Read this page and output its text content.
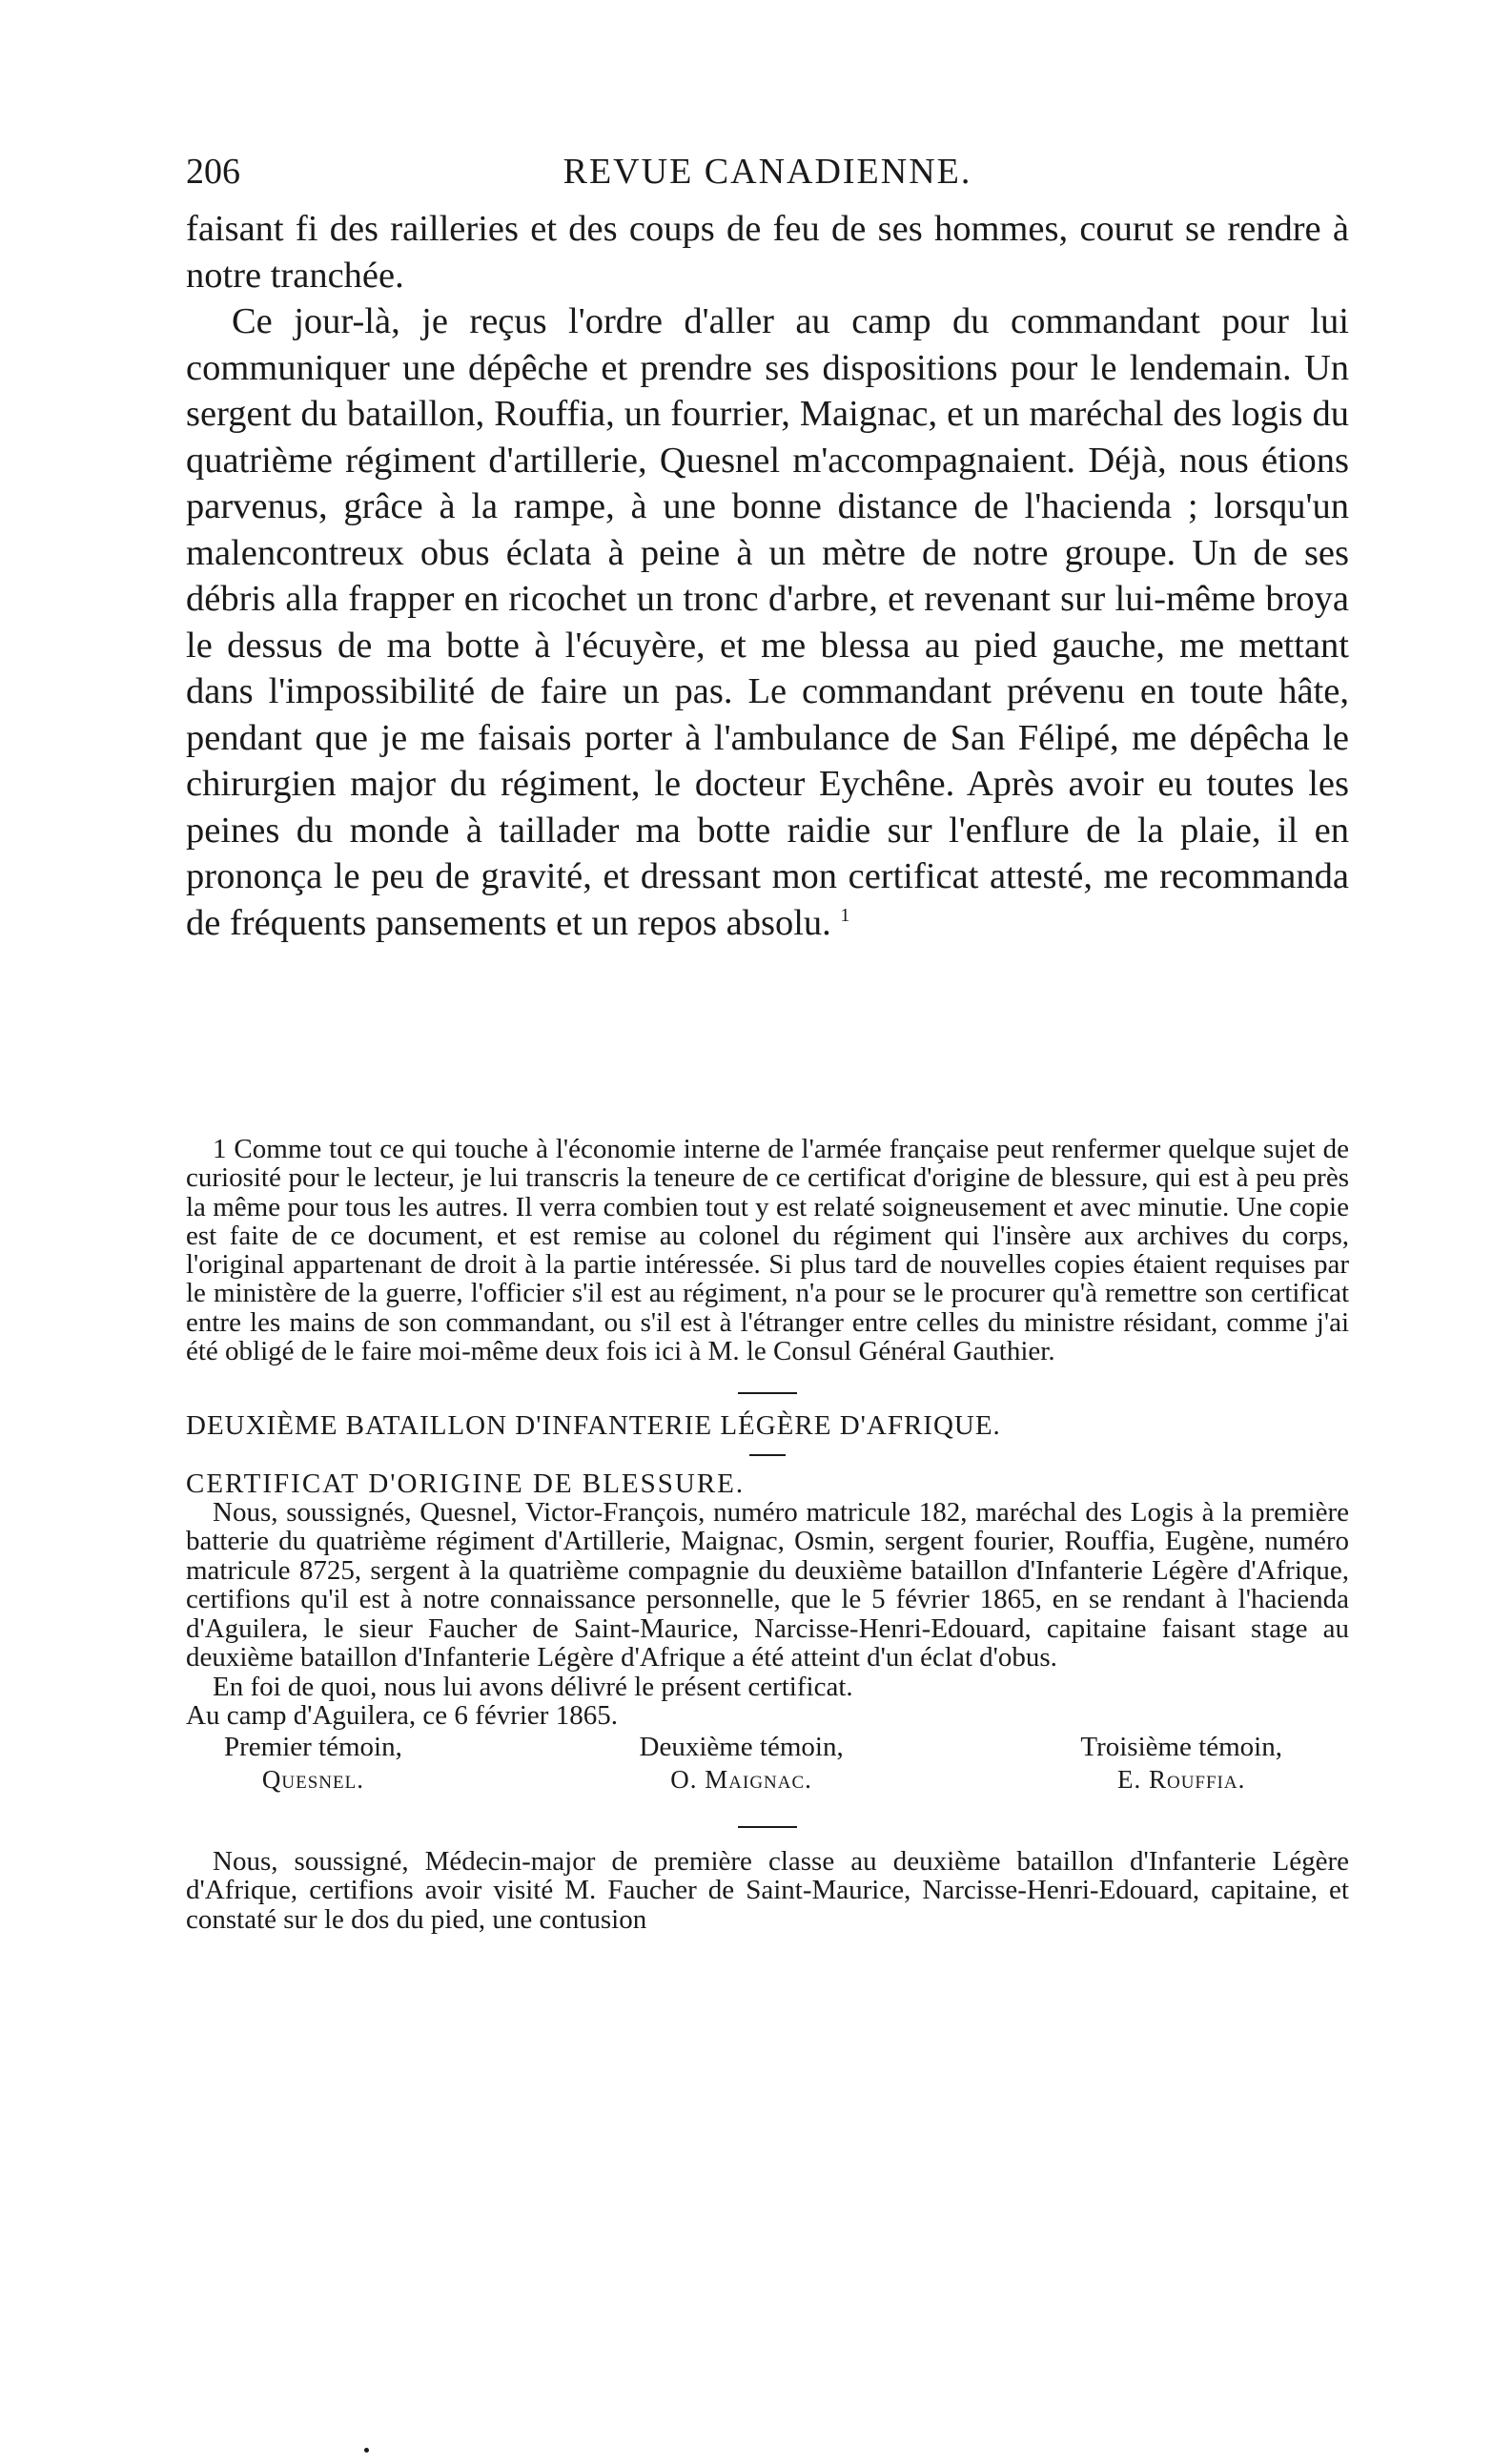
206	REVUE CANADIENNE.

faisant fi des railleries et des coups de feu de ses hommes, courut se rendre à notre tranchée.

Ce jour-là, je reçus l'ordre d'aller au camp du commandant pour lui communiquer une dépêche et prendre ses dispositions pour le lendemain. Un sergent du bataillon, Rouffia, un fourrier, Maignac, et un maréchal des logis du quatrième régiment d'artillerie, Quesnel m'accompagnaient. Déjà, nous étions parvenus, grâce à la rampe, à une bonne distance de l'hacienda ; lorsqu'un malencontreux obus éclata à peine à un mètre de notre groupe. Un de ses débris alla frapper en ricochet un tronc d'arbre, et revenant sur lui-même broya le dessus de ma botte à l'écuyère, et me blessa au pied gauche, me mettant dans l'impossibilité de faire un pas. Le commandant prévenu en toute hâte, pendant que je me faisais porter à l'ambulance de San Félipé, me dépêcha le chirurgien major du régiment, le docteur Eychêne. Après avoir eu toutes les peines du monde à taillader ma botte raidie sur l'enflure de la plaie, il en prononça le peu de gravité, et dressant mon certificat attesté, me recommanda de fréquents pansements et un repos absolu. $^1$

1 Comme tout ce qui touche à l'économie interne de l'armée française peut renfermer quelque sujet de curiosité pour le lecteur, je lui transcris la teneure de ce certificat d'origine de blessure, qui est à peu près la même pour tous les autres. Il verra combien tout y est relaté soigneusement et avec minutie. Une copie est faite de ce document, et est remise au colonel du régiment qui l'insère aux archives du corps, l'original appartenant de droit à la partie intéressée. Si plus tard de nouvelles copies étaient requises par le ministère de la guerre, l'officier s'il est au régiment, n'a pour se le procurer qu'à remettre son certificat entre les mains de son commandant, ou s'il est à l'étranger entre celles du ministre résidant, comme j'ai été obligé de le faire moi-même deux fois ici à M. le Consul Général Gauthier.

DEUXIÈME BATAILLON D'INFANTERIE LÉGÈRE D'AFRIQUE.

CERTIFICAT D'ORIGINE DE BLESSURE.

Nous, soussignés, Quesnel, Victor-François, numéro matricule 182, maréchal des Logis à la première batterie du quatrième régiment d'Artillerie, Maignac, Osmin, sergent fourier, Rouffia, Eugène, numéro matricule 8725, sergent à la quatrième compagnie du deuxième bataillon d'Infanterie Légère d'Afrique, certifions qu'il est à notre connaissance personnelle, que le 5 février 1865, en se rendant à l'hacienda d'Aguilera, le sieur Faucher de Saint-Maurice, Narcisse-Henri-Edouard, capitaine faisant stage au deuxième bataillon d'Infanterie Légère d'Afrique a été atteint d'un éclat d'obus.

En foi de quoi, nous lui avons délivré le présent certificat.

Au camp d'Aguilera, ce 6 février 1865.

Premier témoin,
Quesnel.
Deuxième témoin,
O. Maignac.
Troisième témoin,
E. Rouffia.

Nous, soussigné, Médecin-major de première classe au deuxième bataillon d'Infanterie Légère d'Afrique, certifions avoir visité M. Faucher de Saint-Maurice, Narcisse-Henri-Edouard, capitaine, et constaté sur le dos du pied, une contusion
